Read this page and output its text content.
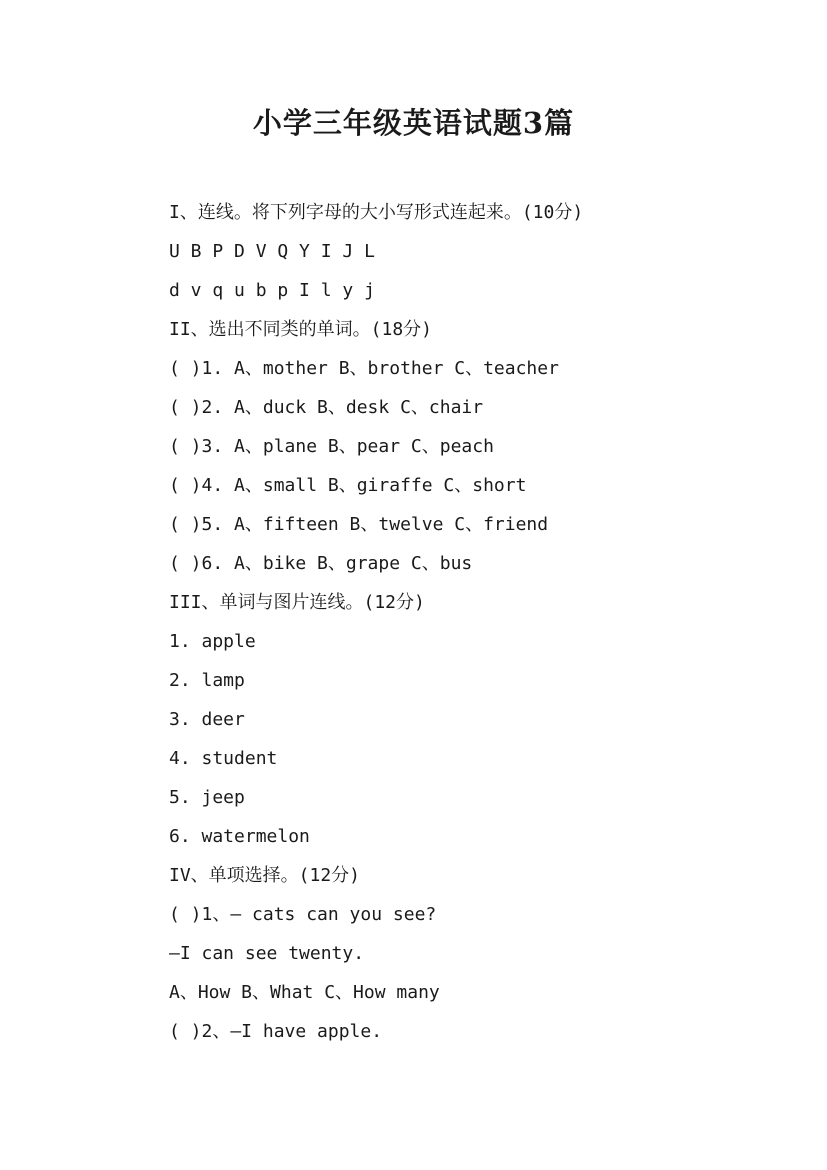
小学三年级英语试题3篇

I、连线。将下列字母的大小写形式连起来。(10分)

U B P D V Q Y I J L

d v q u b p I l y j

II、选出不同类的单词。(18分)

( )1. A、mother B、brother C、teacher

( )2. A、duck B、desk C、chair

( )3. A、plane B、pear C、peach

( )4. A、small B、giraffe C、short

( )5. A、fifteen B、twelve C、friend

( )6. A、bike B、grape C、bus

III、单词与图片连线。(12分)

1. apple

2. lamp

3. deer

4. student

5. jeep

6. watermelon

IV、单项选择。(12分)

( )1、— cats can you see?

—I can see twenty.

A、How B、What C、How many

( )2、—I have apple.
